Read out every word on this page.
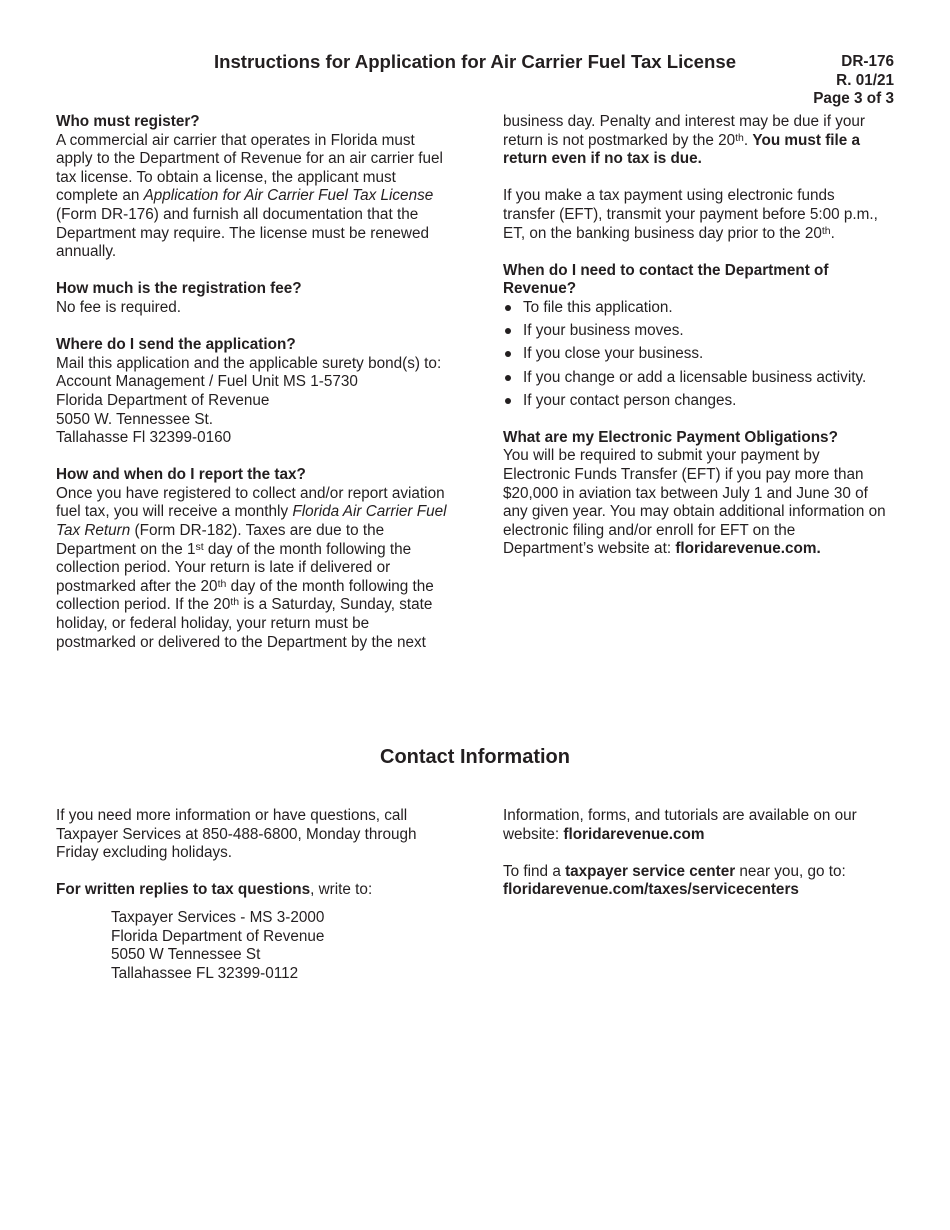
Instructions for Application for Air Carrier Fuel Tax License	DR-176
R. 01/21
Page 3 of 3

Who must register?

A commercial air carrier that operates in Florida must apply to the Department of Revenue for an air carrier fuel tax license. To obtain a license, the applicant must complete an Application for Air Carrier Fuel Tax License (Form DR-176) and furnish all documentation that the Department may require. The license must be renewed annually.

How much is the registration fee?

No fee is required.

Where do I send the application?

Mail this application and the applicable surety bond(s) to:

Account Management / Fuel Unit MS 1-5730

Florida Department of Revenue

5050 W. Tennessee St.

Tallahasse Fl 32399-0160

How and when do I report the tax?

Once you have registered to collect and/or report aviation fuel tax, you will receive a monthly Florida Air Carrier Fuel Tax Return (Form DR-182). Taxes are due to the Department on the 1st day of the month following the collection period. Your return is late if delivered or postmarked after the 20th day of the month following the collection period. If the 20th is a Saturday, Sunday, state holiday, or federal holiday, your return must be postmarked or delivered to the Department by the next

business day. Penalty and interest may be due if your return is not postmarked by the 20th. You must file a return even if no tax is due.

If you make a tax payment using electronic funds transfer (EFT), transmit your payment before 5:00 p.m., ET, on the banking business day prior to the 20th.

When do I need to contact the Department of Revenue?

To file this application.
If your business moves.
If you close your business.
If you change or add a licensable business activity.
If your contact person changes.

What are my Electronic Payment Obligations?

You will be required to submit your payment by Electronic Funds Transfer (EFT) if you pay more than $20,000 in aviation tax between July 1 and June 30 of any given year. You may obtain additional information on electronic filing and/or enroll for EFT on the Department’s website at: floridarevenue.com.

Contact Information

If you need more information or have questions, call Taxpayer Services at 850-488-6800, Monday through Friday excluding holidays.

For written replies to tax questions, write to:

Taxpayer Services - MS 3-2000

Florida Department of Revenue

5050 W Tennessee St

Tallahassee FL 32399-0112

Information, forms, and tutorials are available on our website: floridarevenue.com

To find a taxpayer service center near you, go to:

floridarevenue.com/taxes/servicecenters
